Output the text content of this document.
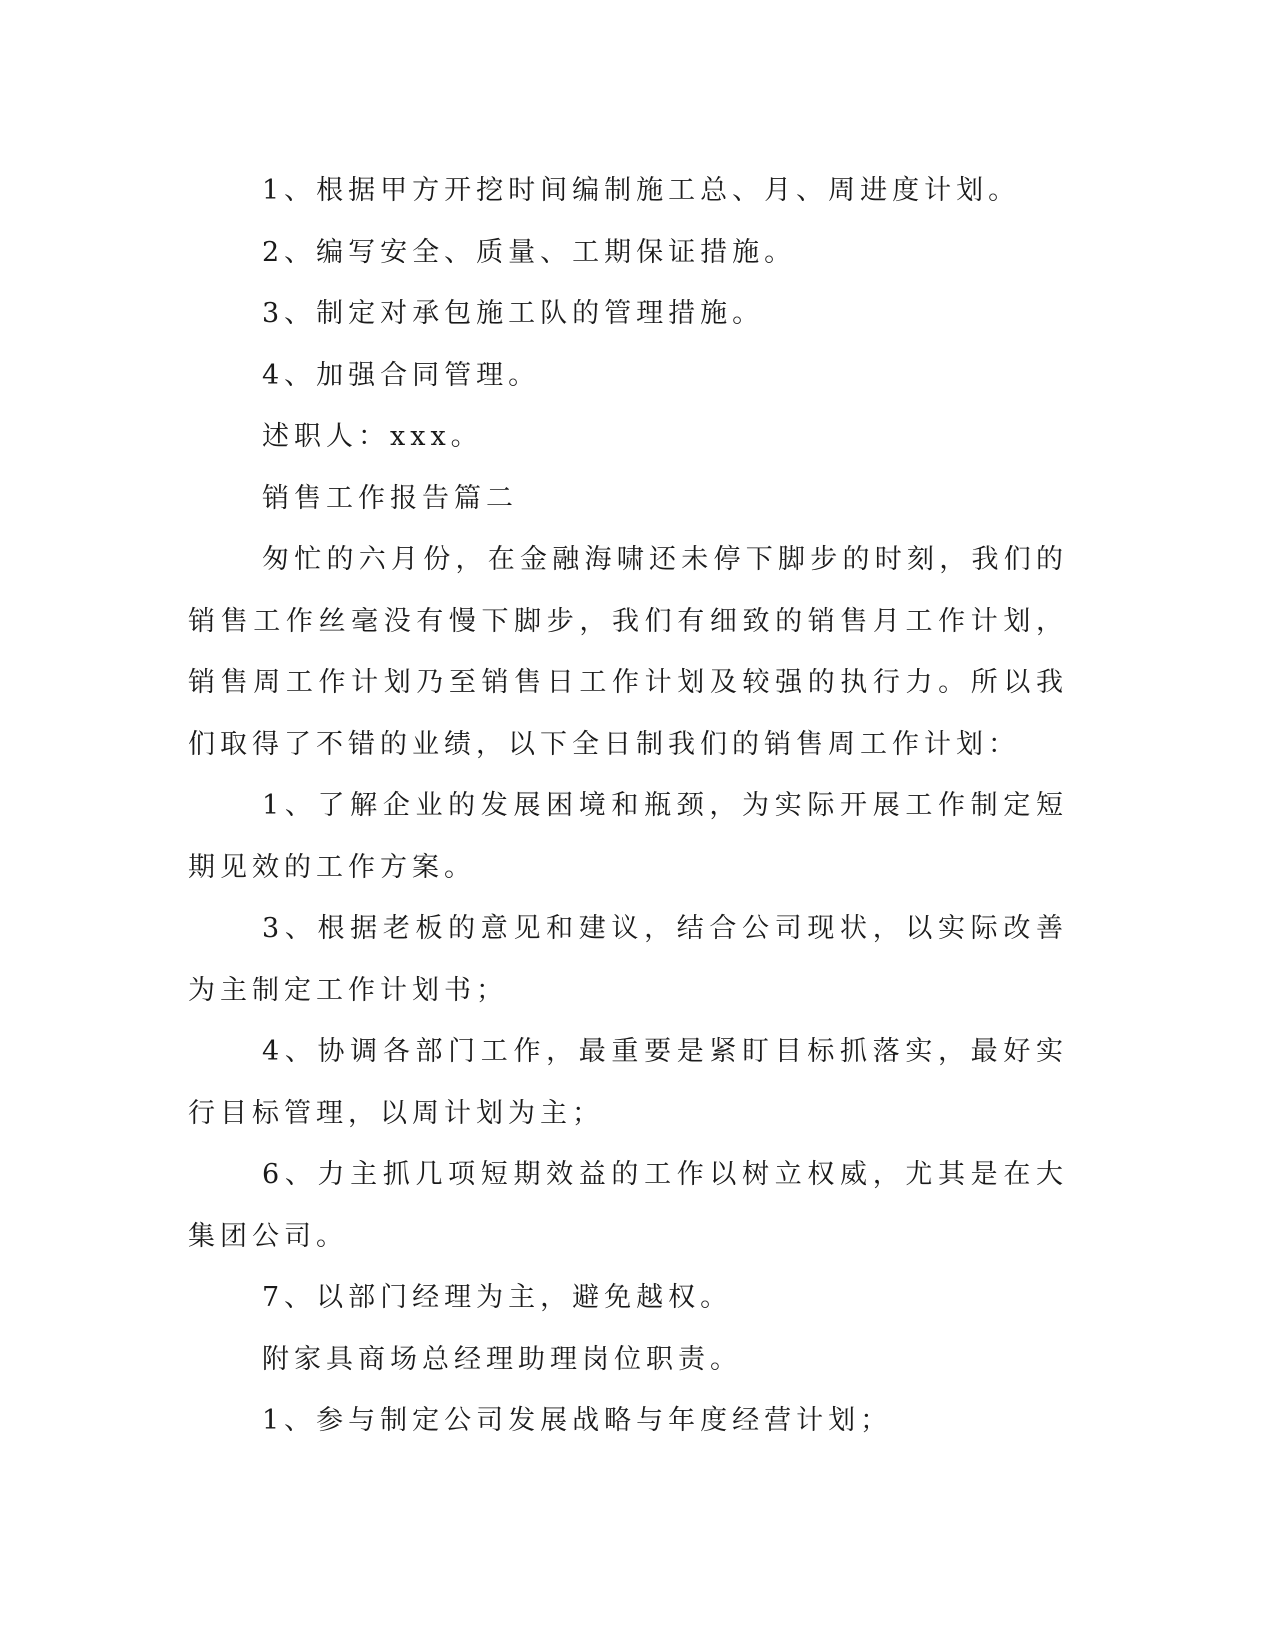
1、根据甲方开挖时间编制施工总、月、周进度计划。

2、编写安全、质量、工期保证措施。

3、制定对承包施工队的管理措施。

4、加强合同管理。

述职人：xxx。

销售工作报告篇二

匆忙的六月份，在金融海啸还未停下脚步的时刻，我们的销售工作丝毫没有慢下脚步，我们有细致的销售月工作计划，销售周工作计划乃至销售日工作计划及较强的执行力。所以我们取得了不错的业绩，以下全日制我们的销售周工作计划：

1、了解企业的发展困境和瓶颈，为实际开展工作制定短期见效的工作方案。

3、根据老板的意见和建议，结合公司现状，以实际改善为主制定工作计划书；

4、协调各部门工作，最重要是紧盯目标抓落实，最好实行目标管理，以周计划为主；

6、力主抓几项短期效益的工作以树立权威，尤其是在大集团公司。

7、以部门经理为主，避免越权。

附家具商场总经理助理岗位职责。

1、参与制定公司发展战略与年度经营计划；
